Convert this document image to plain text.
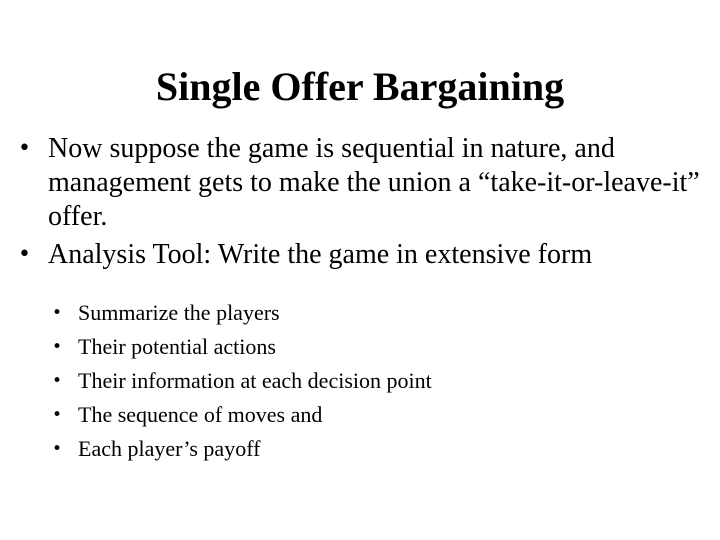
Single Offer Bargaining
• Now suppose the game is sequential in nature, and management gets to make the union a “take-it-or-leave-it” offer.
• Analysis Tool: Write the game in extensive form
• Summarize the players
• Their potential actions
• Their information at each decision point
• The sequence of moves and
• Each player’s payoff
